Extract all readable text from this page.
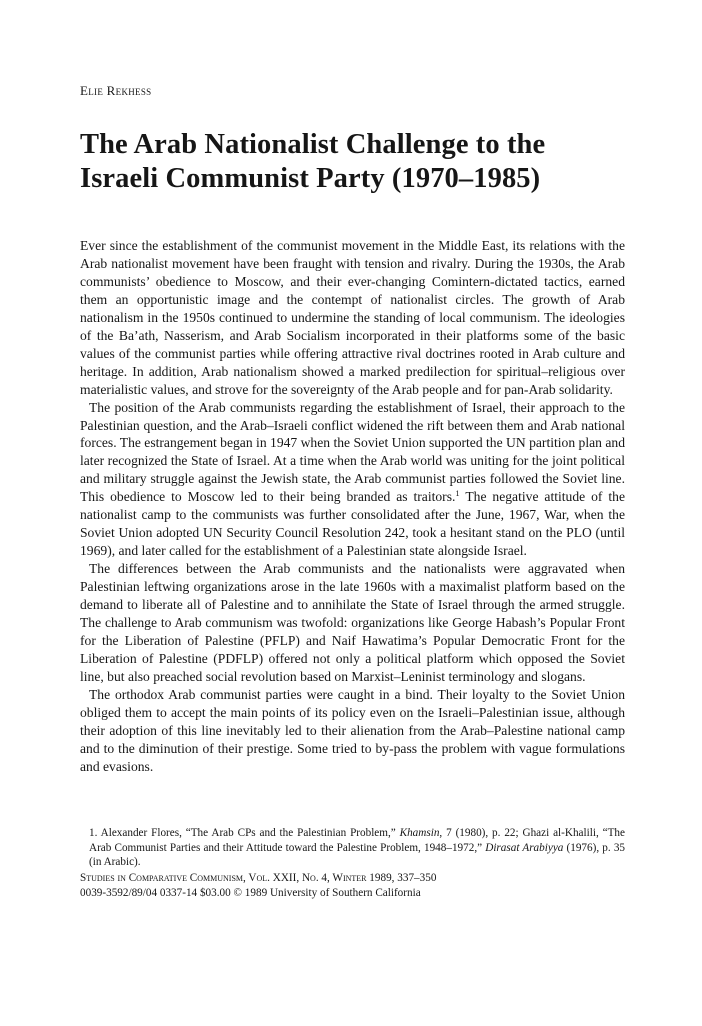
Elie Rekhess
The Arab Nationalist Challenge to the
Israeli Communist Party (1970–1985)

Ever since the establishment of the communist movement in the Middle East, its relations with the Arab nationalist movement have been fraught with tension and rivalry. During the 1930s, the Arab communists’ obedience to Moscow, and their ever-changing Comintern-dictated tactics, earned them an opportunistic image and the contempt of nationalist circles. The growth of Arab nationalism in the 1950s continued to undermine the standing of local communism. The ideologies of the Ba’ath, Nasserism, and Arab Socialism incorporated in their platforms some of the basic values of the communist parties while offering attractive rival doctrines rooted in Arab culture and heritage. In addition, Arab nationalism showed a marked predilection for spiritual–religious over materialistic values, and strove for the sovereignty of the Arab people and for pan-Arab solidarity.

The position of the Arab communists regarding the establishment of Israel, their approach to the Palestinian question, and the Arab–Israeli conflict widened the rift between them and Arab national forces. The estrangement began in 1947 when the Soviet Union supported the UN partition plan and later recognized the State of Israel. At a time when the Arab world was uniting for the joint political and military struggle against the Jewish state, the Arab communist parties followed the Soviet line. This obedience to Moscow led to their being branded as traitors.$^1$ The negative attitude of the nationalist camp to the communists was further consolidated after the June, 1967, War, when the Soviet Union adopted UN Security Council Resolution 242, took a hesitant stand on the PLO (until 1969), and later called for the establishment of a Palestinian state alongside Israel.

The differences between the Arab communists and the nationalists were aggravated when Palestinian leftwing organizations arose in the late 1960s with a maximalist platform based on the demand to liberate all of Palestine and to annihilate the State of Israel through the armed struggle. The challenge to Arab communism was twofold: organizations like George Habash’s Popular Front for the Liberation of Palestine (PFLP) and Naif Hawatima’s Popular Democratic Front for the Liberation of Palestine (PDFLP) offered not only a political platform which opposed the Soviet line, but also preached social revolution based on Marxist–Leninist terminology and slogans.

The orthodox Arab communist parties were caught in a bind. Their loyalty to the Soviet Union obliged them to accept the main points of its policy even on the Israeli–Palestinian issue, although their adoption of this line inevitably led to their alienation from the Arab–Palestine national camp and to the diminution of their prestige. Some tried to by-pass the problem with vague formulations and evasions.

1. Alexander Flores, “The Arab CPs and the Palestinian Problem,” Khamsin, 7 (1980), p. 22; Ghazi al-Khalili, “The Arab Communist Parties and their Attitude toward the Palestine Problem, 1948–1972,” Dirasat Arabiyya (1976), p. 35 (in Arabic).
Studies in Comparative Communism, Vol. XXII, No. 4, Winter 1989, 337–350
0039-3592/89/04 0337-14 $03.00 © 1989 University of Southern California
